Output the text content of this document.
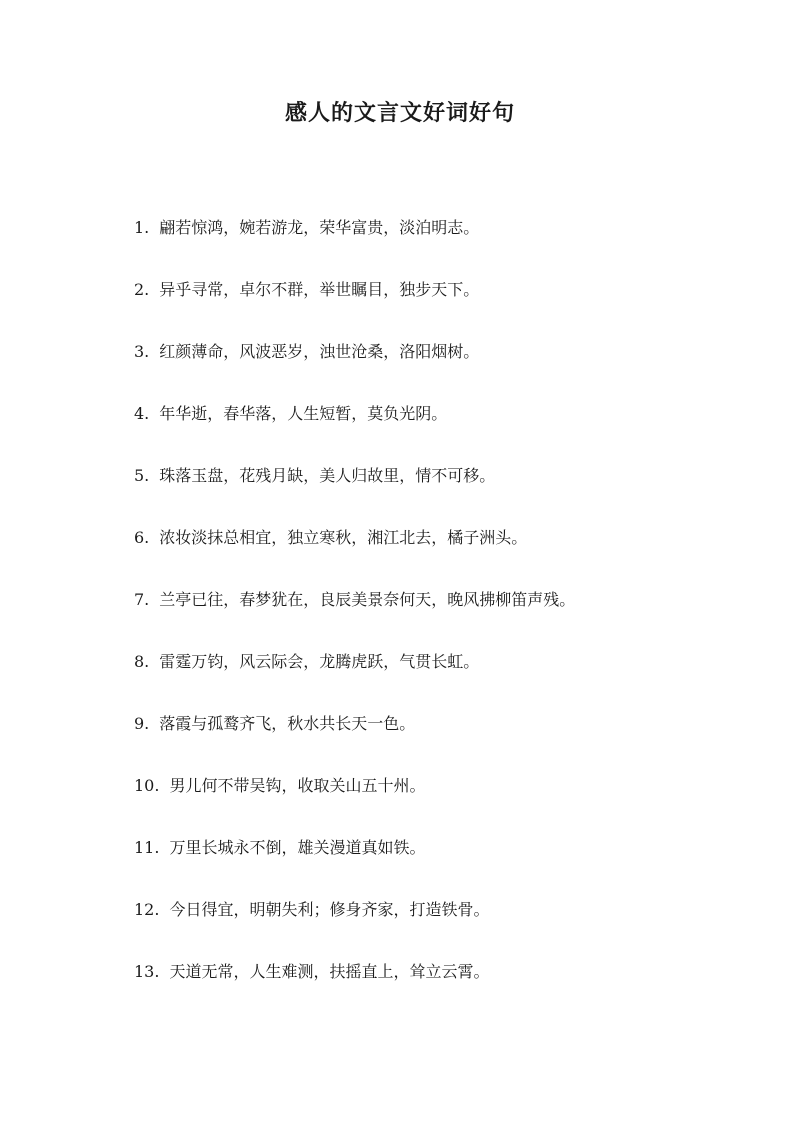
感人的文言文好词好句
1. 翩若惊鸿，婉若游龙，荣华富贵，淡泊明志。
2. 异乎寻常，卓尔不群，举世瞩目，独步天下。
3. 红颜薄命，风波恶岁，浊世沧桑，洛阳烟树。
4. 年华逝，春华落，人生短暂，莫负光阴。
5. 珠落玉盘，花残月缺，美人归故里，情不可移。
6. 浓妆淡抹总相宜，独立寒秋，湘江北去，橘子洲头。
7. 兰亭已往，春梦犹在，良辰美景奈何天，晚风拂柳笛声残。
8. 雷霆万钧，风云际会，龙腾虎跃，气贯长虹。
9. 落霞与孤鹜齐飞，秋水共长天一色。
10. 男儿何不带吴钩，收取关山五十州。
11. 万里长城永不倒，雄关漫道真如铁。
12. 今日得宜，明朝失利；修身齐家，打造铁骨。
13. 天道无常，人生难测，扶摇直上，耸立云霄。
